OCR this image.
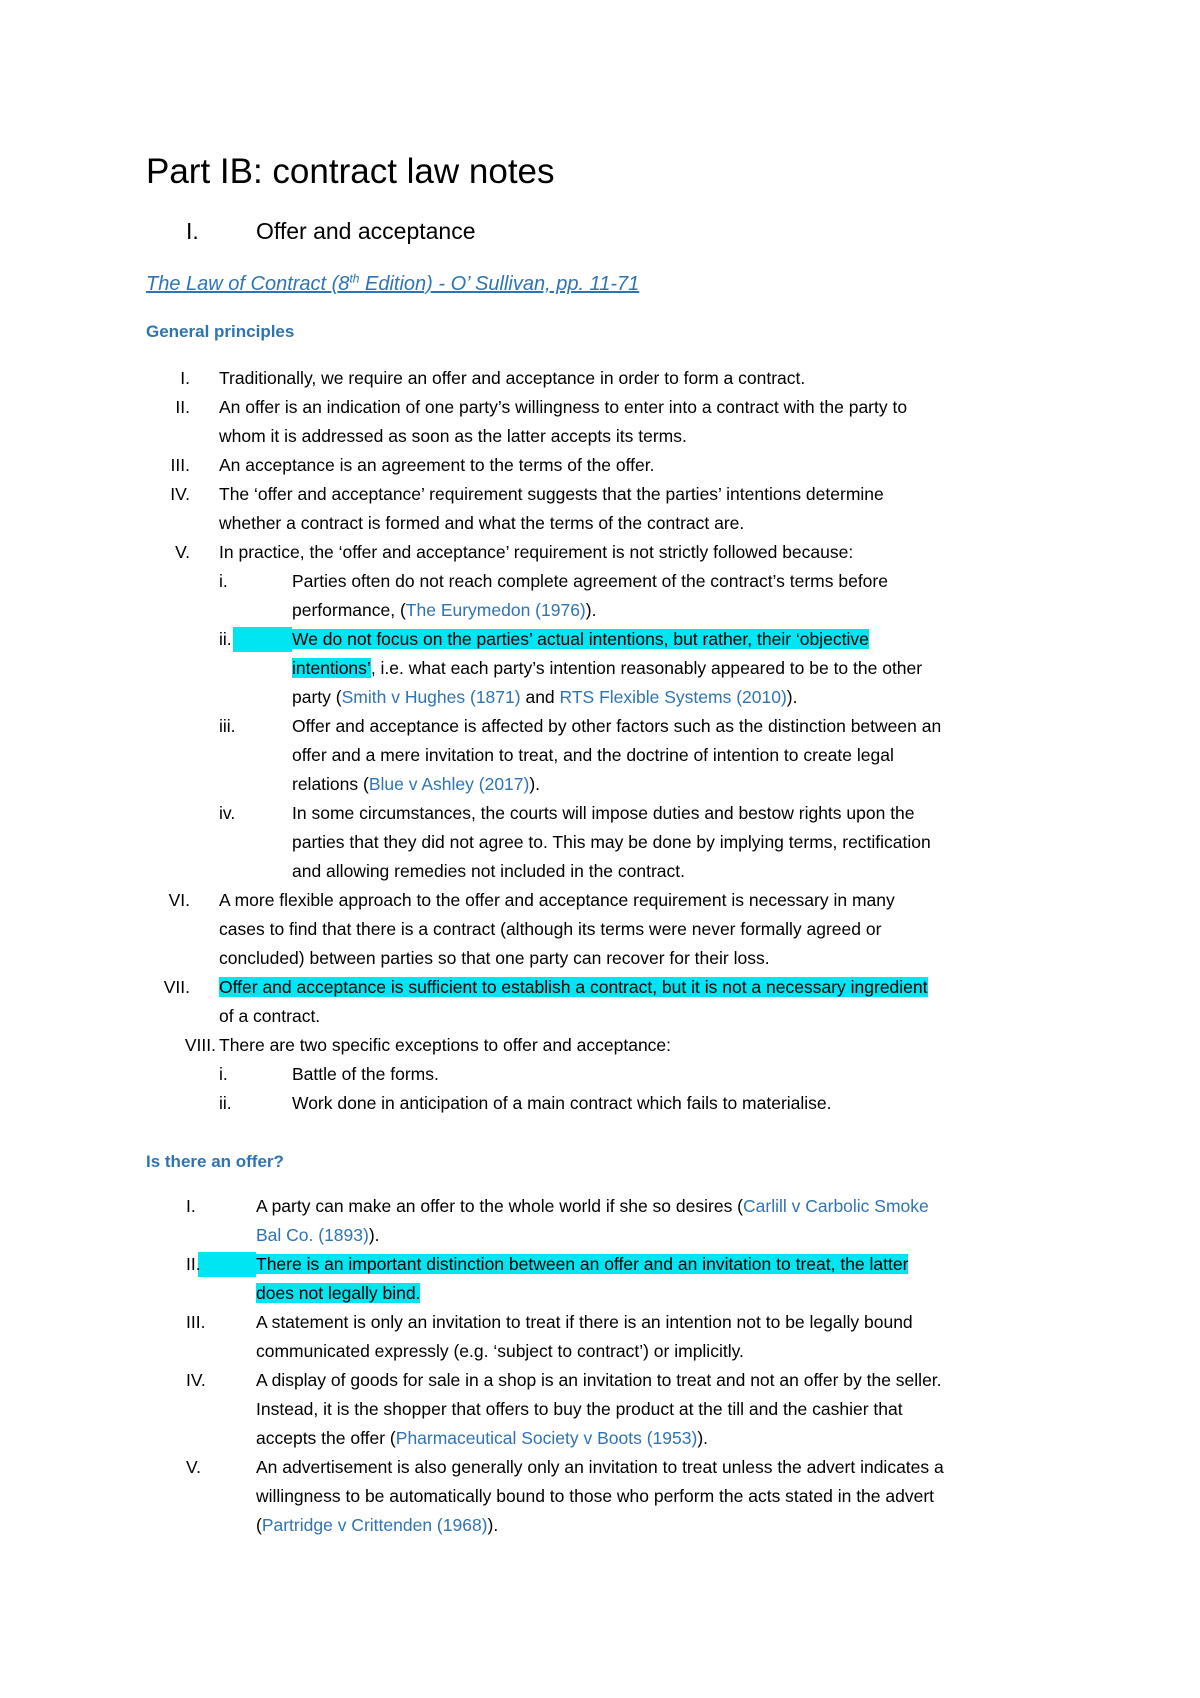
Part IB: contract law notes
I. Offer and acceptance
The Law of Contract (8th Edition) - O’ Sullivan, pp. 11-71
General principles
I. Traditionally, we require an offer and acceptance in order to form a contract.
II. An offer is an indication of one party’s willingness to enter into a contract with the party to
whom it is addressed as soon as the latter accepts its terms.
III. An acceptance is an agreement to the terms of the offer.
IV. The ‘offer and acceptance’ requirement suggests that the parties’ intentions determine
whether a contract is formed and what the terms of the contract are.
V. In practice, the ‘offer and acceptance’ requirement is not strictly followed because:
i.	Parties often do not reach complete agreement of the contract’s terms before
performance, (The Eurymedon (1976)).
ii.	We do not focus on the parties’ actual intentions, but rather, their ‘objective
intentions’, i.e. what each party’s intention reasonably appeared to be to the other
party (Smith v Hughes (1871) and RTS Flexible Systems (2010)).
iii.	Offer and acceptance is affected by other factors such as the distinction between an
offer and a mere invitation to treat, and the doctrine of intention to create legal
relations (Blue v Ashley (2017)).
iv.	In some circumstances, the courts will impose duties and bestow rights upon the
parties that they did not agree to. This may be done by implying terms, rectification
and allowing remedies not included in the contract.
VI. A more flexible approach to the offer and acceptance requirement is necessary in many
cases to find that there is a contract (although its terms were never formally agreed or
concluded) between parties so that one party can recover for their loss.
VII. Offer and acceptance is sufficient to establish a contract, but it is not a necessary ingredient
of a contract.
VIII. There are two specific exceptions to offer and acceptance:
i.	Battle of the forms.
ii.	Work done in anticipation of a main contract which fails to materialise.
Is there an offer?
I.	A party can make an offer to the whole world if she so desires (Carlill v Carbolic Smoke
Bal Co. (1893)).
II.	There is an important distinction between an offer and an invitation to treat, the latter
does not legally bind.
III.	A statement is only an invitation to treat if there is an intention not to be legally bound
communicated expressly (e.g. ‘subject to contract’) or implicitly.
IV.	A display of goods for sale in a shop is an invitation to treat and not an offer by the seller.
Instead, it is the shopper that offers to buy the product at the till and the cashier that
accepts the offer (Pharmaceutical Society v Boots (1953)).
V.	An advertisement is also generally only an invitation to treat unless the advert indicates a
willingness to be automatically bound to those who perform the acts stated in the advert
(Partridge v Crittenden (1968)).
